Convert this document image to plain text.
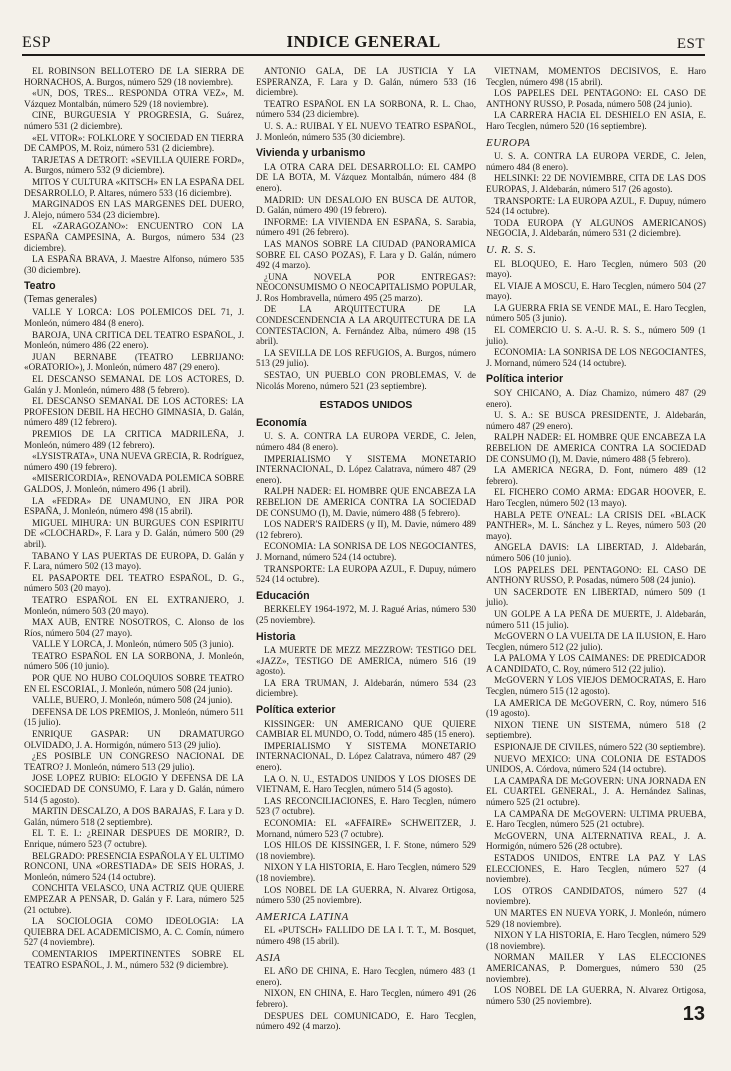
ESP	INDICE GENERAL	EST
EL ROBINSON BELLOTERO DE LA SIERRA DE HORNACHOS, A. Burgos, número 529 (18 noviembre).
«UN, DOS, TRES... RESPONDA OTRA VEZ», M. Vázquez Montalbán, número 529 (18 noviembre).
CINE, BURGUESIA Y PROGRESIA, G. Suárez, número 531 (2 diciembre).
«EL VITOR»: FOLKLORE Y SOCIEDAD EN TIERRA DE CAMPOS, M. Roiz, número 531 (2 diciembre).
TARJETAS A DETROIT: «SEVILLA QUIERE FORD», A. Burgos, número 532 (9 diciembre).
MITOS Y CULTURA «KITSCH» EN LA ESPAÑA DEL DESARROLLO, P. Altares, número 533 (16 diciembre).
MARGINADOS EN LAS MARGENES DEL DUERO, J. Alejo, número 534 (23 diciembre).
EL «ZARAGOZANO»: ENCUENTRO CON LA ESPAÑA CAMPESINA, A. Burgos, número 534 (23 diciembre).
LA ESPAÑA BRAVA, J. Maestre Alfonso, número 535 (30 diciembre).
Teatro
(Temas generales)
VALLE Y LORCA: LOS POLEMICOS DEL 71, J. Monleón, número 484 (8 enero).
BAROJA, UNA CRITICA DEL TEATRO ESPAÑOL, J. Monleón, número 486 (22 enero).
JUAN BERNABE (TEATRO LEBRIJANO: «ORATORIO»), J. Monleón, número 487 (29 enero).
EL DESCANSO SEMANAL DE LOS ACTORES, D. Galán y J. Monleón, número 488 (5 febrero).
EL DESCANSO SEMANAL DE LOS ACTORES: LA PROFESION DEBIL HA HECHO GIMNASIA, D. Galán, número 489 (12 febrero).
PREMIOS DE LA CRITICA MADRILEÑA, J. Monleón, número 489 (12 febrero).
«LYSISTRATA», UNA NUEVA GRECIA, R. Rodríguez, número 490 (19 febrero).
«MISERICORDIA», RENOVADA POLEMICA SOBRE GALDOS, J. Monleón, número 496 (1 abril).
LA «FEDRA» DE UNAMUNO, EN JIRA POR ESPAÑA, J. Monleón, número 498 (15 abril).
MIGUEL MIHURA: UN BURGUES CON ESPIRITU DE «CLOCHARD», F. Lara y D. Galán, número 500 (29 abril).
TABANO Y LAS PUERTAS DE EUROPA, D. Galán y F. Lara, número 502 (13 mayo).
EL PASAPORTE DEL TEATRO ESPAÑOL, D. G., número 503 (20 mayo).
TEATRO ESPAÑOL EN EL EXTRANJERO, J. Monleón, número 503 (20 mayo).
MAX AUB, ENTRE NOSOTROS, C. Alonso de los Ríos, número 504 (27 mayo).
VALLE Y LORCA, J. Monleón, número 505 (3 junio).
TEATRO ESPAÑOL EN LA SORBONA, J. Monleón, número 506 (10 junio).
POR QUE NO HUBO COLOQUIOS SOBRE TEATRO EN EL ESCORIAL, J. Monleón, número 508 (24 junio).
VALLE, BUERO, J. Monleón, número 508 (24 junio).
DEFENSA DE LOS PREMIOS, J. Monleón, número 511 (15 julio).
ENRIQUE GASPAR: UN DRAMATURGO OLVIDADO, J. A. Hormigón, número 513 (29 julio).
¿ES POSIBLE UN CONGRESO NACIONAL DE TEATRO? J. Monleón, número 513 (29 julio).
JOSE LOPEZ RUBIO: ELOGIO Y DEFENSA DE LA SOCIEDAD DE CONSUMO, F. Lara y D. Galán, número 514 (5 agosto).
MARTIN DESCALZO, A DOS BARAJAS, F. Lara y D. Galán, número 518 (2 septiembre).
EL T. E. I.: ¿REINAR DESPUES DE MORIR?, D. Enrique, número 523 (7 octubre).
BELGRADO: PRESENCIA ESPAÑOLA Y EL ULTIMO RONCONI, UNA «ORESTIADA» DE SEIS HORAS, J. Monleón, número 524 (14 octubre).
CONCHITA VELASCO, UNA ACTRIZ QUE QUIERE EMPEZAR A PENSAR, D. Galán y F. Lara, número 525 (21 octubre).
LA SOCIOLOGIA COMO IDEOLOGIA: LA QUIEBRA DEL ACADEMICISMO, A. C. Comín, número 527 (4 noviembre).
COMENTARIOS IMPERTINENTES SOBRE EL TEATRO ESPAÑOL, J. M., número 532 (9 diciembre).
ANTONIO GALA, DE LA JUSTICIA Y LA ESPERANZA, F. Lara y D. Galán, número 533 (16 diciembre).
TEATRO ESPAÑOL EN LA SORBONA, R. L. Chao, número 534 (23 diciembre).
U. S. A.: RUIBAL Y EL NUEVO TEATRO ESPAÑOL, J. Monleón, número 535 (30 diciembre).
Vivienda y urbanismo
LA OTRA CARA DEL DESARROLLO: EL CAMPO DE LA BOTA, M. Vázquez Montalbán, número 484 (8 enero).
MADRID: UN DESALOJO EN BUSCA DE AUTOR, D. Galán, número 490 (19 febrero).
INFORME: LA VIVIENDA EN ESPAÑA, S. Sarabia, número 491 (26 febrero).
LAS MANOS SOBRE LA CIUDAD (PANORAMICA SOBRE EL CASO POZAS), F. Lara y D. Galán, número 492 (4 marzo).
¿UNA NOVELA POR ENTREGAS?: NEOCONSUMISMO O NEOCAPITALISMO POPULAR, J. Ros Hombravella, número 495 (25 marzo).
DE LA ARQUITECTURA DE LA CONDESCENDENCIA A LA ARQUITECTURA DE LA CONTESTACION, A. Fernández Alba, número 498 (15 abril).
LA SEVILLA DE LOS REFUGIOS, A. Burgos, número 513 (29 julio).
SESTAO, UN PUEBLO CON PROBLEMAS, V. de Nicolás Moreno, número 521 (23 septiembre).
ESTADOS UNIDOS
Economía
U. S. A. CONTRA LA EUROPA VERDE, C. Jelen, número 484 (8 enero).
IMPERIALISMO Y SISTEMA MONETARIO INTERNACIONAL, D. López Calatrava, número 487 (29 enero).
RALPH NADER: EL HOMBRE QUE ENCABEZA LA REBELION DE AMERICA CONTRA LA SOCIEDAD DE CONSUMO (I), M. Davie, número 488 (5 febrero).
LOS NADER'S RAIDERS (y II), M. Davie, número 489 (12 febrero).
ECONOMIA: LA SONRISA DE LOS NEGOCIANTES, J. Mornand, número 524 (14 octubre).
TRANSPORTE: LA EUROPA AZUL, F. Dupuy, número 524 (14 octubre).
Educación
BERKELEY 1964-1972, M. J. Ragué Arias, número 530 (25 noviembre).
Historia
LA MUERTE DE MEZZ MEZZROW: TESTIGO DEL «JAZZ», TESTIGO DE AMERICA, número 516 (19 agosto).
LA ERA TRUMAN, J. Aldebarán, número 534 (23 diciembre).
Política exterior
KISSINGER: UN AMERICANO QUE QUIERE CAMBIAR EL MUNDO, O. Todd, número 485 (15 enero).
IMPERIALISMO Y SISTEMA MONETARIO INTERNACIONAL, D. López Calatrava, número 487 (29 enero).
LA O. N. U., ESTADOS UNIDOS Y LOS DIOSES DE VIETNAM, E. Haro Tecglen, número 514 (5 agosto).
LAS RECONCILIACIONES, E. Haro Tecglen, número 523 (7 octubre).
ECONOMIA: EL «AFFAIRE» SCHWEITZER, J. Mornand, número 523 (7 octubre).
LOS HILOS DE KISSINGER, I. F. Stone, número 529 (18 noviembre).
NIXON Y LA HISTORIA, E. Haro Tecglen, número 529 (18 noviembre).
LOS NOBEL DE LA GUERRA, N. Alvarez Ortigosa, número 530 (25 noviembre).
AMERICA LATINA
EL «PUTSCH» FALLIDO DE LA I. T. T., M. Bosquet, número 498 (15 abril).
ASIA
EL AÑO DE CHINA, E. Haro Tecglen, número 483 (1 enero).
NIXON, EN CHINA, E. Haro Tecglen, número 491 (26 febrero).
DESPUES DEL COMUNICADO, E. Haro Tecglen, número 492 (4 marzo).
VIETNAM, MOMENTOS DECISIVOS, E. Haro Tecglen, número 498 (15 abril).
LOS PAPELES DEL PENTAGONO: EL CASO DE ANTHONY RUSSO, P. Posada, número 508 (24 junio).
LA CARRERA HACIA EL DESHIELO EN ASIA, E. Haro Tecglen, número 520 (16 septiembre).
EUROPA
U. S. A. CONTRA LA EUROPA VERDE, C. Jelen, número 484 (8 enero).
HELSINKI: 22 DE NOVIEMBRE, CITA DE LAS DOS EUROPAS, J. Aldebarán, número 517 (26 agosto).
TRANSPORTE: LA EUROPA AZUL, F. Dupuy, número 524 (14 octubre).
TODA EUROPA (Y ALGUNOS AMERICANOS) NEGOCIA, J. Aldebarán, número 531 (2 diciembre).
U. R. S. S.
EL BLOQUEO, E. Haro Tecglen, número 503 (20 mayo).
EL VIAJE A MOSCU, E. Haro Tecglen, número 504 (27 mayo).
LA GUERRA FRIA SE VENDE MAL, E. Haro Tecglen, número 505 (3 junio).
EL COMERCIO U. S. A.-U. R. S. S., número 509 (1 julio).
ECONOMIA: LA SONRISA DE LOS NEGOCIANTES, J. Mornand, número 524 (14 octubre).
Política interior
SOY CHICANO, A. Díaz Chamizo, número 487 (29 enero).
U. S. A.: SE BUSCA PRESIDENTE, J. Aldebarán, número 487 (29 enero).
RALPH NADER: EL HOMBRE QUE ENCABEZA LA REBELION DE AMERICA CONTRA LA SOCIEDAD DE CONSUMO (I), M. Davie, número 488 (5 febrero).
LA AMERICA NEGRA, D. Font, número 489 (12 febrero).
EL FICHERO COMO ARMA: EDGAR HOOVER, E. Haro Tecglen, número 502 (13 mayo).
HABLA PETE O'NEAL: LA CRISIS DEL «BLACK PANTHER», M. L. Sánchez y L. Reyes, número 503 (20 mayo).
ANGELA DAVIS: LA LIBERTAD, J. Aldebarán, número 506 (10 junio).
LOS PAPELES DEL PENTAGONO: EL CASO DE ANTHONY RUSSO, P. Posadas, número 508 (24 junio).
UN SACERDOTE EN LIBERTAD, número 509 (1 julio).
UN GOLPE A LA PEÑA DE MUERTE, J. Aldebarán, número 511 (15 julio).
McGOVERN O LA VUELTA DE LA ILUSION, E. Haro Tecglen, número 512 (22 julio).
LA PALOMA Y LOS CAIMANES: DE PREDICADOR A CANDIDATO, C. Roy, número 512 (22 julio).
McGOVERN Y LOS VIEJOS DEMOCRATAS, E. Haro Tecglen, número 515 (12 agosto).
LA AMERICA DE McGOVERN, C. Roy, número 516 (19 agosto).
NIXON TIENE UN SISTEMA, número 518 (2 septiembre).
ESPIONAJE DE CIVILES, número 522 (30 septiembre).
NUEVO MEXICO: UNA COLONIA DE ESTADOS UNIDOS, A. Córdova, número 524 (14 octubre).
LA CAMPAÑA DE McGOVERN: UNA JORNADA EN EL CUARTEL GENERAL, J. A. Hernández Salinas, número 525 (21 octubre).
LA CAMPAÑA DE McGOVERN: ULTIMA PRUEBA, E. Haro Tecglen, número 525 (21 octubre).
McGOVERN, UNA ALTERNATIVA REAL, J. A. Hormigón, número 526 (28 octubre).
ESTADOS UNIDOS, ENTRE LA PAZ Y LAS ELECCIONES, E. Haro Tecglen, número 527 (4 noviembre).
LOS OTROS CANDIDATOS, número 527 (4 noviembre).
UN MARTES EN NUEVA YORK, J. Monleón, número 529 (18 noviembre).
NIXON Y LA HISTORIA, E. Haro Tecglen, número 529 (18 noviembre).
NORMAN MAILER Y LAS ELECCIONES AMERICANAS, P. Domergues, número 530 (25 noviembre).
LOS NOBEL DE LA GUERRA, N. Alvarez Ortigosa, número 530 (25 noviembre).
13
